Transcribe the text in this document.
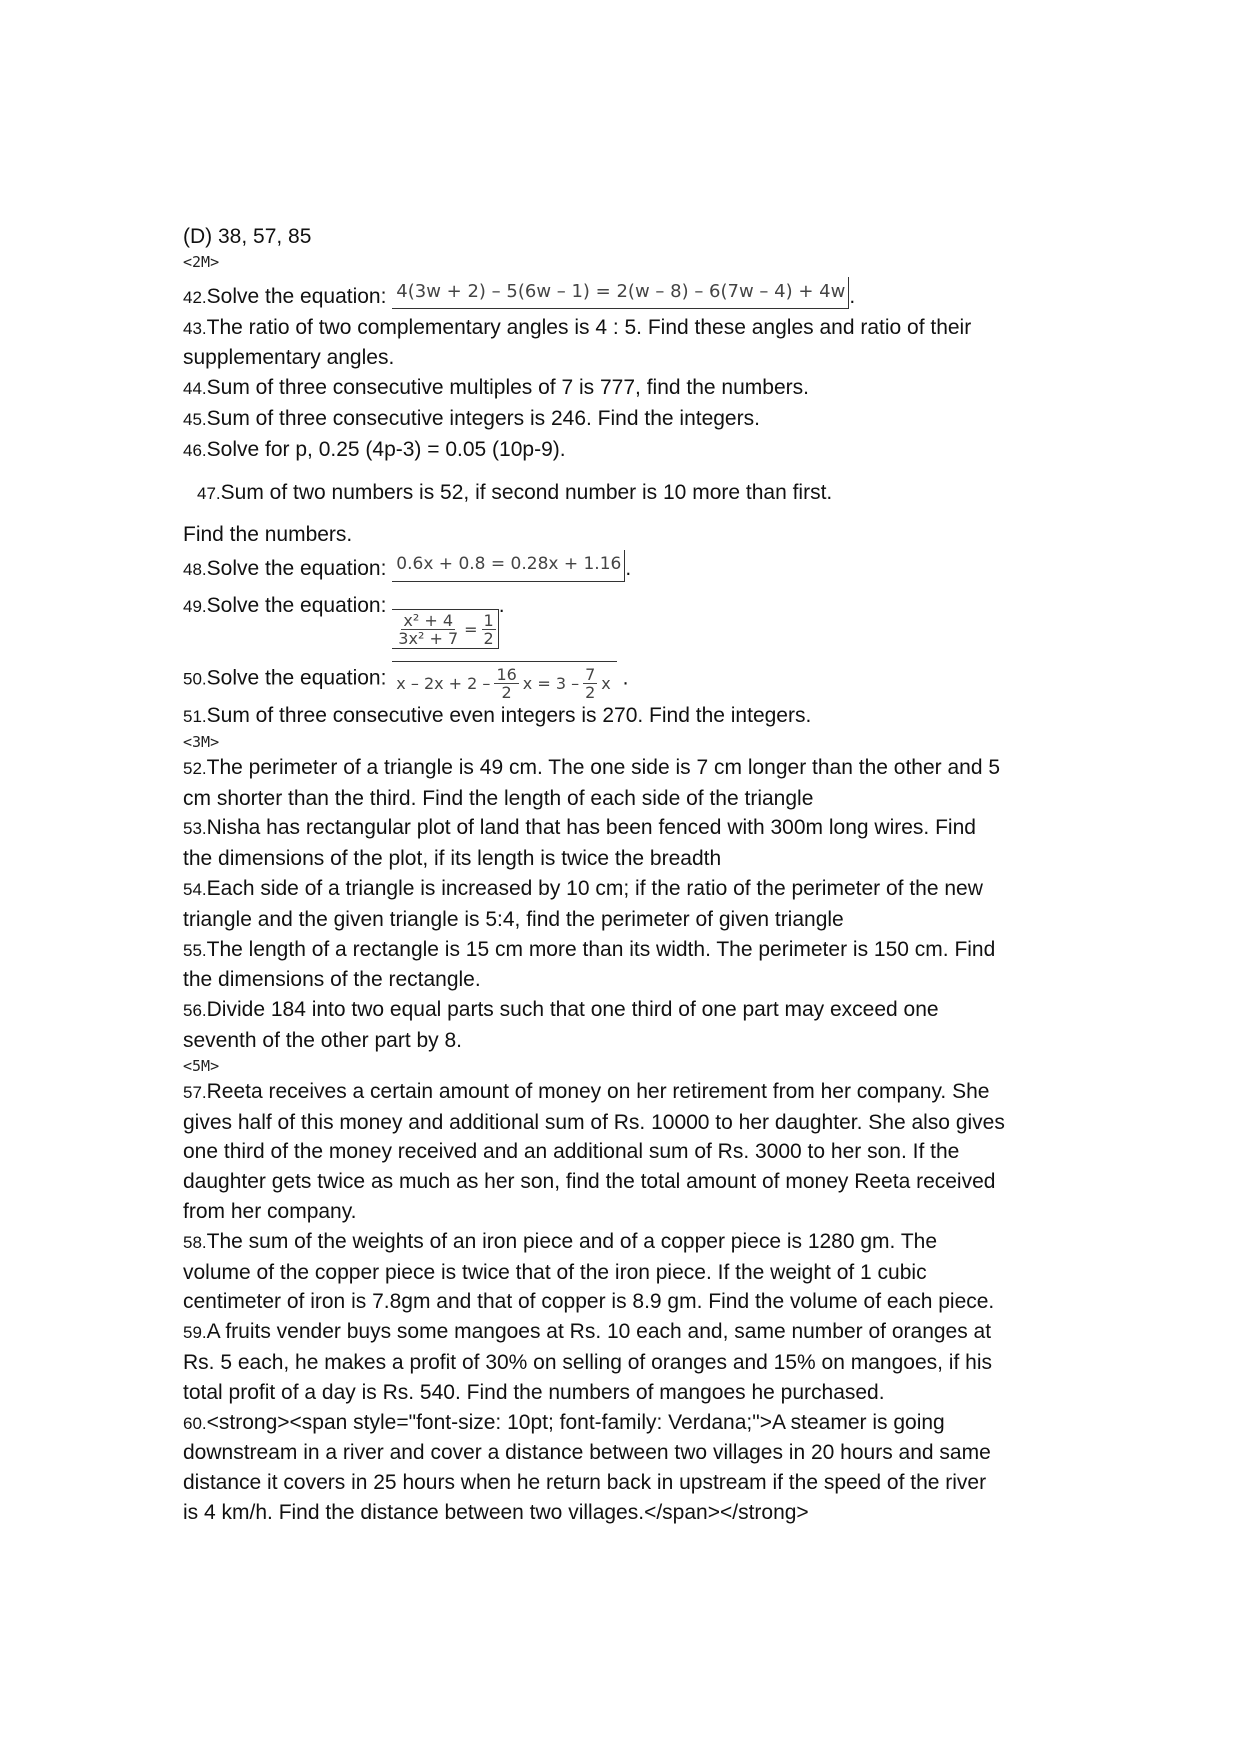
(D) 38, 57, 85
<2M>
42.Solve the equation: 4(3w + 2) – 5(6w – 1) = 2(w – 8) – 6(7w – 4) + 4w .
43.The ratio of two complementary angles is 4 : 5. Find these angles and ratio of their
supplementary angles.
44.Sum of three consecutive multiples of 7 is 777, find the numbers.
45.Sum of three consecutive integers is 246. Find the integers.
46.Solve for p, 0.25 (4p-3) = 0.05 (10p-9).
47.Sum of two numbers is 52, if second number is 10 more than first.
Find the numbers.
48.Solve the equation: 0.6x + 0.8 = 0.28x + 1.16 .
49.Solve the equation:
$\frac{\text{x² + 4}}{\text{3x² + 7}} = \frac{1}{2}$
.
50.Solve the equation: $x - 2x + 2 - \frac{16}{2}$ $x = 3 - \frac{7}{2}$ x .
51.Sum of three consecutive even integers is 270. Find the integers.
<3M>
52.The perimeter of a triangle is 49 cm. The one side is 7 cm longer than the other and 5
cm shorter than the third. Find the length of each side of the triangle
53.Nisha has rectangular plot of land that has been fenced with 300m long wires. Find
the dimensions of the plot, if its length is twice the breadth
54.Each side of a triangle is increased by 10 cm; if the ratio of the perimeter of the new
triangle and the given triangle is 5:4, find the perimeter of given triangle
55.The length of a rectangle is 15 cm more than its width. The perimeter is 150 cm. Find
the dimensions of the rectangle.
56.Divide 184 into two equal parts such that one third of one part may exceed one
seventh of the other part by 8.
<5M>
57.Reeta receives a certain amount of money on her retirement from her company. She
gives half of this money and additional sum of Rs. 10000 to her daughter. She also gives
one third of the money received and an additional sum of Rs. 3000 to her son. If the
daughter gets twice as much as her son, find the total amount of money Reeta received
from her company.
58.The sum of the weights of an iron piece and of a copper piece is 1280 gm. The
volume of the copper piece is twice that of the iron piece. If the weight of 1 cubic
centimeter of iron is 7.8gm and that of copper is 8.9 gm. Find the volume of each piece.
59.A fruits vender buys some mangoes at Rs. 10 each and, same number of oranges at
Rs. 5 each, he makes a profit of 30% on selling of oranges and 15% on mangoes, if his
total profit of a day is Rs. 540. Find the numbers of mangoes he purchased.
60.<strong><span style="font-size: 10pt; font-family: Verdana;">A steamer is going
downstream in a river and cover a distance between two villages in 20 hours and same
distance it covers in 25 hours when he return back in upstream if the speed of the river
is 4 km/h. Find the distance between two villages.</span></strong>
